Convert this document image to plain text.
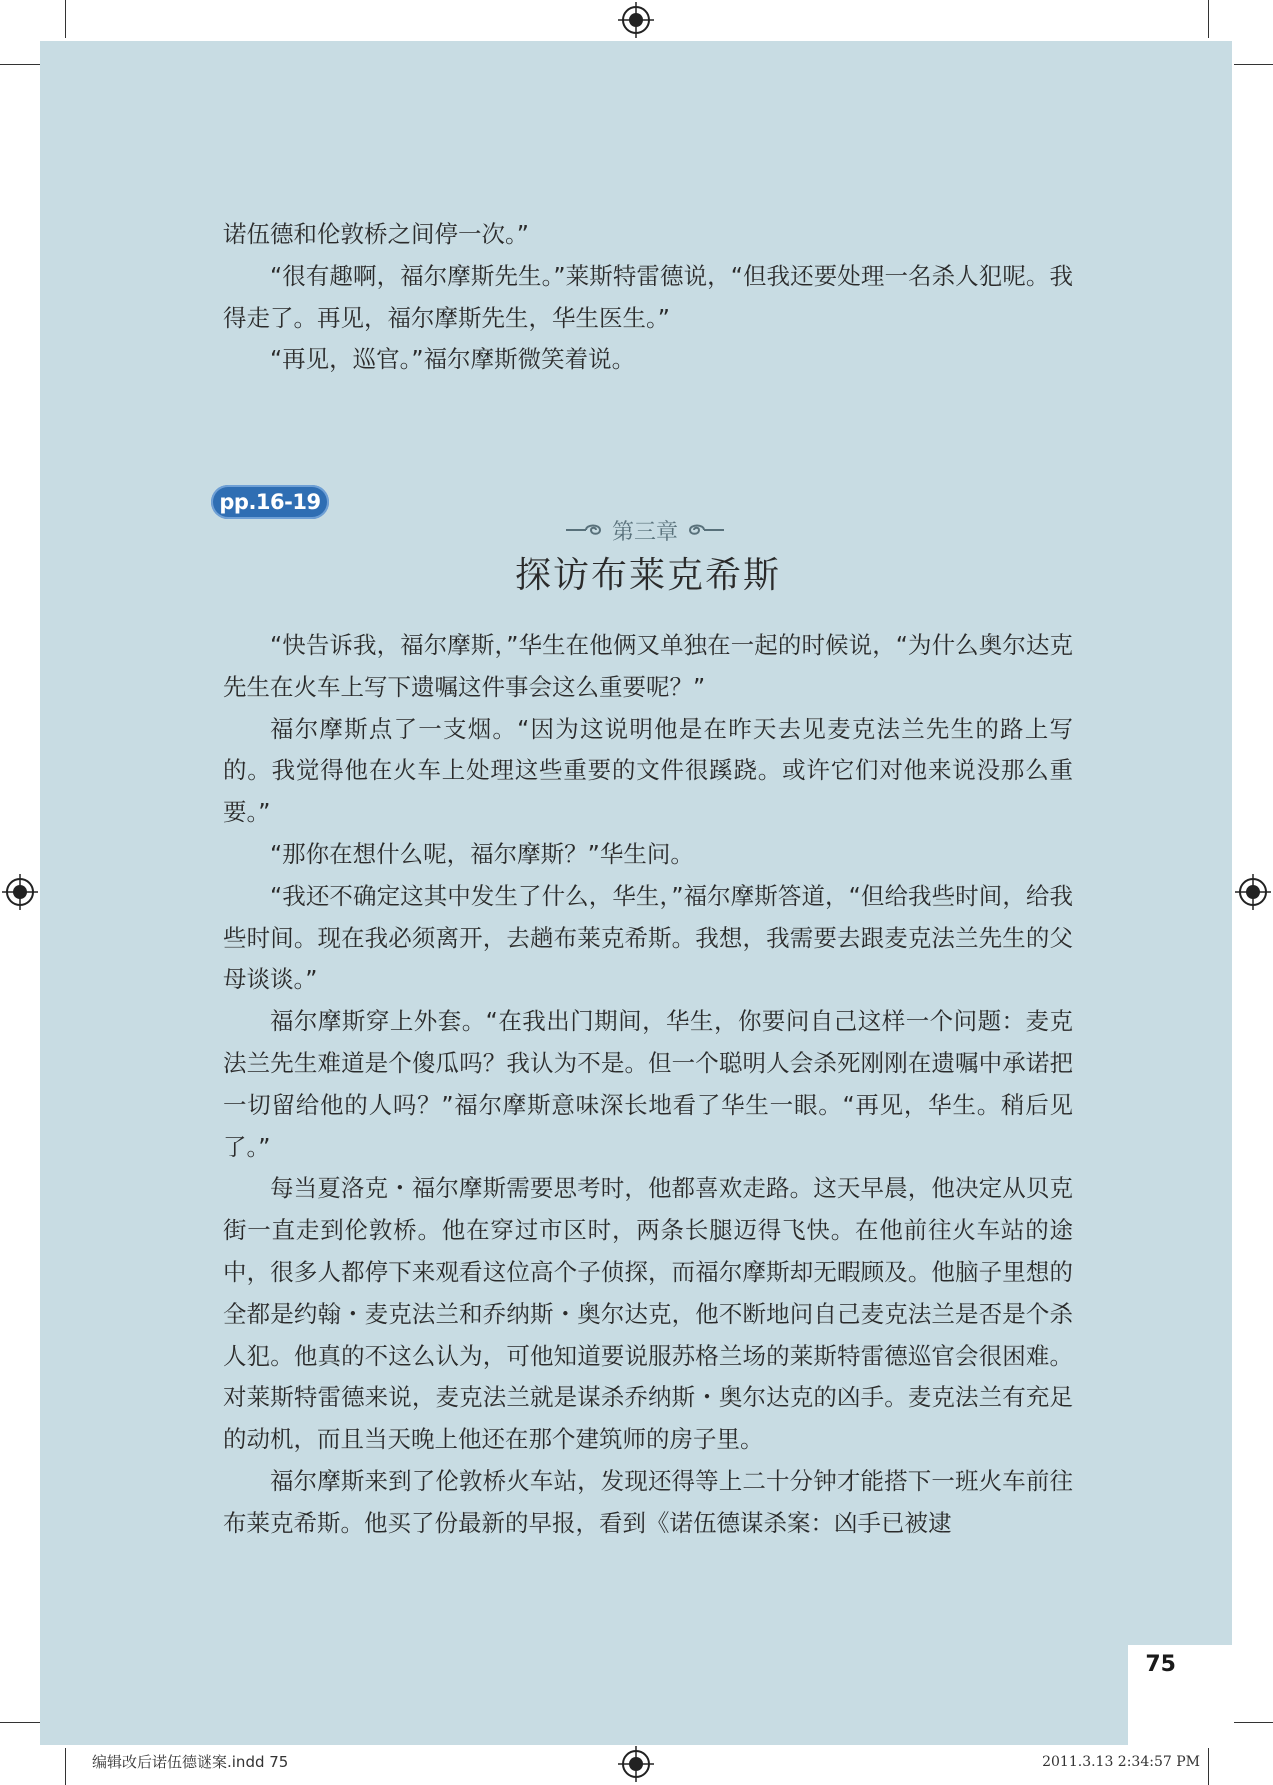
诺伍德和伦敦桥之间停一次。”

“很有趣啊，福尔摩斯先生。”莱斯特雷德说，“但我还要处理一名杀人犯呢。我得走了。再见，福尔摩斯先生，华生医生。”

“再见，巡官。”福尔摩斯微笑着说。

pp.16-19
第三章
探访布莱克希斯

“快告诉我，福尔摩斯，”华生在他俩又单独在一起的时候说，“为什么奥尔达克先生在火车上写下遗嘱这件事会这么重要呢？”

福尔摩斯点了一支烟。“因为这说明他是在昨天去见麦克法兰先生的路上写的。我觉得他在火车上处理这些重要的文件很蹊跷。或许它们对他来说没那么重要。”

“那你在想什么呢，福尔摩斯？”华生问。

“我还不确定这其中发生了什么，华生，”福尔摩斯答道，“但给我些时间，给我些时间。现在我必须离开，去趟布莱克希斯。我想，我需要去跟麦克法兰先生的父母谈谈。”

福尔摩斯穿上外套。“在我出门期间，华生，你要问自己这样一个问题：麦克法兰先生难道是个傻瓜吗？我认为不是。但一个聪明人会杀死刚刚在遗嘱中承诺把一切留给他的人吗？”福尔摩斯意味深长地看了华生一眼。“再见，华生。稍后见了。”

每当夏洛克・福尔摩斯需要思考时，他都喜欢走路。这天早晨，他决定从贝克街一直走到伦敦桥。他在穿过市区时，两条长腿迈得飞快。在他前往火车站的途中，很多人都停下来观看这位高个子侦探，而福尔摩斯却无暇顾及。他脑子里想的全都是约翰・麦克法兰和乔纳斯・奥尔达克，他不断地问自己麦克法兰是否是个杀人犯。他真的不这么认为，可他知道要说服苏格兰场的莱斯特雷德巡官会很困难。对莱斯特雷德来说，麦克法兰就是谋杀乔纳斯・奥尔达克的凶手。麦克法兰有充足的动机，而且当天晚上他还在那个建筑师的房子里。

福尔摩斯来到了伦敦桥火车站，发现还得等上二十分钟才能搭下一班火车前往布莱克希斯。他买了份最新的早报，看到《诺伍德谋杀案：凶手已被逮

75
编辑改后诺伍德谜案.indd 75	2011.3.13 2:34:57 PM
